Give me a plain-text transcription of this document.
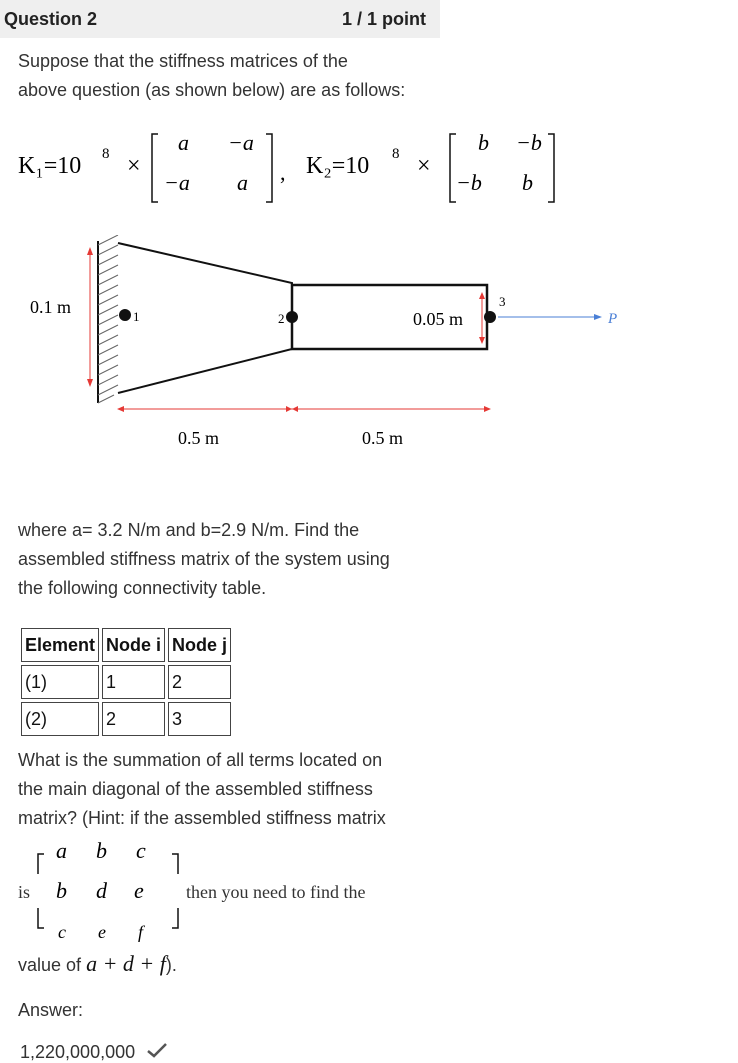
Question 2	1 / 1 point
Suppose that the stiffness matrices of the
above question (as shown below) are as follows:
K₁=10 8 ×
a −a
−a a , K₂=10 8 ×
b −b
−b b
0.1 m	1	2
3
0.05 m	P
0.5 m	0.5 m
where a= 3.2 N/m and b=2.9 N/m. Find the
assembled stiffness matrix of the system using
the following connectivity table.
Element	Node i	Node j
(1)	1	2
(2)	2	3
What is the summation of all terms located on
the main diagonal of the assembled stiffness
matrix? (Hint: if the assembled stiffness matrix
is
a b c
b d e
c e f
then you need to find the
value of a + d + f).
Answer:
1,220,000,000
